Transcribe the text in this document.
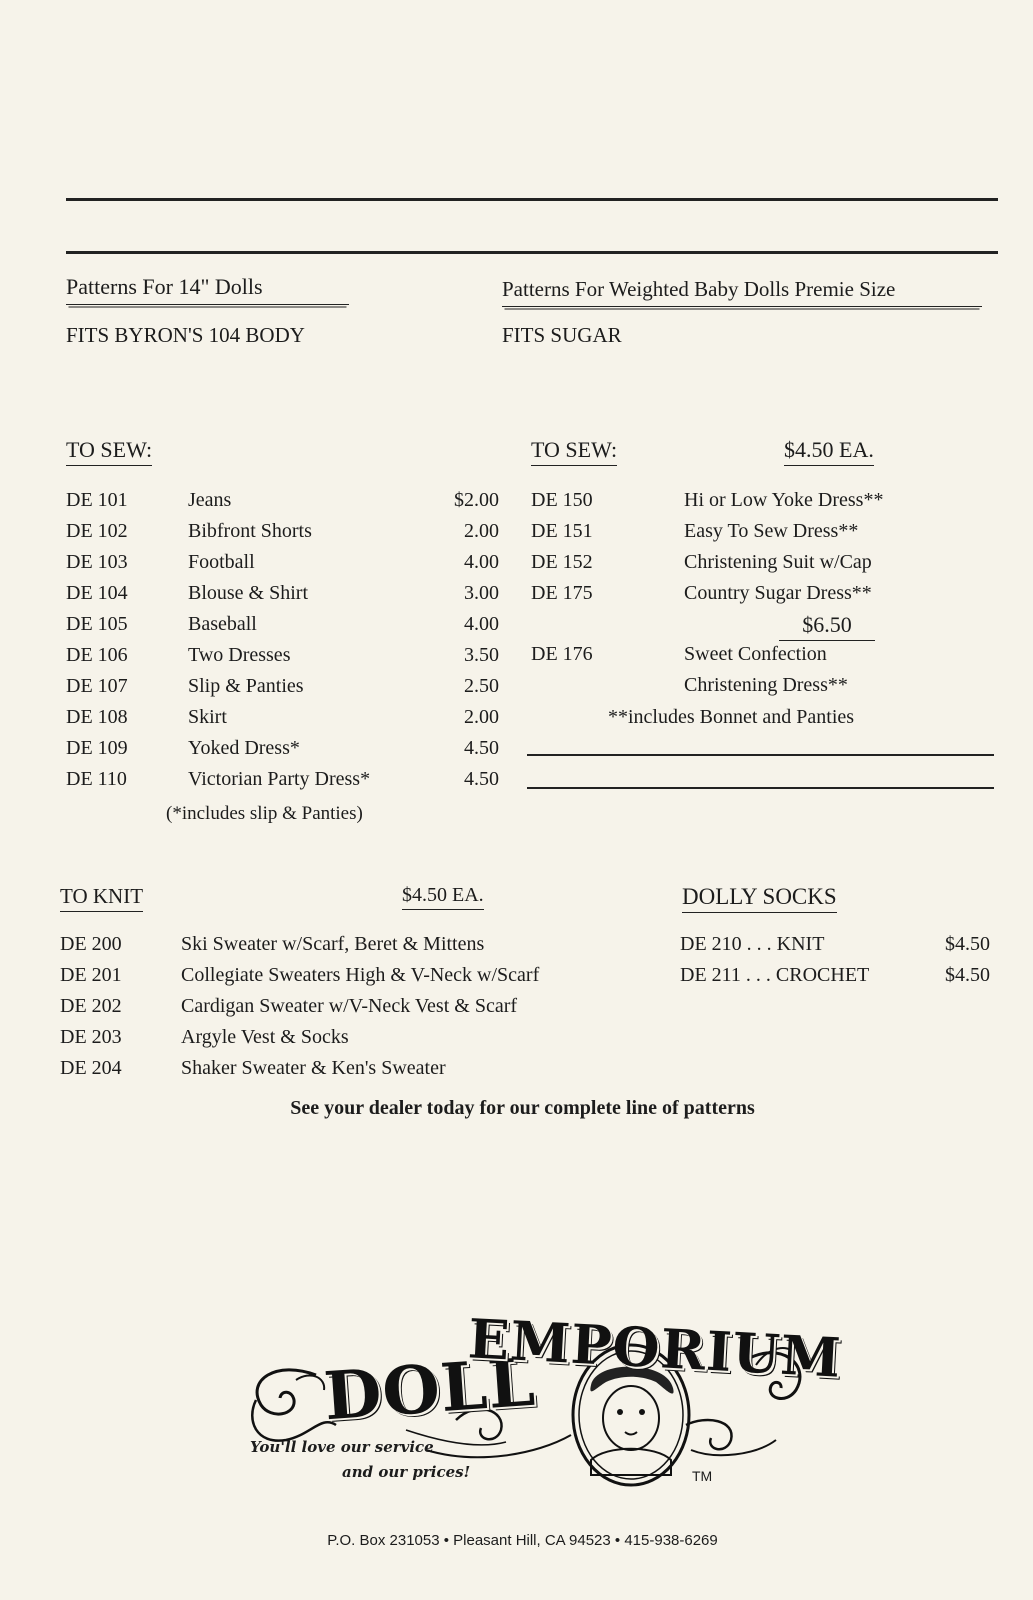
Patterns For 14" Dolls
FITS BYRON'S 104 BODY
TO SEW:
DE 101	Jeans	$2.00
DE 102	Bibfront Shorts	2.00
DE 103	Football	4.00
DE 104	Blouse & Shirt	3.00
DE 105	Baseball	4.00
DE 106	Two Dresses	3.50
DE 107	Slip & Panties	2.50
DE 108	Skirt	2.00
DE 109	Yoked Dress*	4.50
DE 110	Victorian Party Dress*	4.50
(*includes slip & Panties)
Patterns For Weighted Baby Dolls Premie Size
FITS SUGAR
TO SEW:	$4.50 EA.
DE 150	Hi or Low Yoke Dress**
DE 151	Easy To Sew Dress**
DE 152	Christening Suit w/Cap
DE 175	Country Sugar Dress**
$6.50
DE 176	Sweet Confection
Christening Dress**
**includes Bonnet and Panties
TO KNIT	$4.50 EA.
DE 200	Ski Sweater w/Scarf, Beret & Mittens
DE 201	Collegiate Sweaters High & V-Neck w/Scarf
DE 202	Cardigan Sweater w/V-Neck Vest & Scarf
DE 203	Argyle Vest & Socks
DE 204	Shaker Sweater & Ken's Sweater
DOLLY SOCKS
DE 210 . . . KNIT	$4.50
DE 211 . . . CROCHET	$4.50
See your dealer today for our complete line of patterns
DOLL
EMPORIUM
You'll love our service
and our prices!	TM
P.O. Box 231053 • Pleasant Hill, CA 94523 • 415-938-6269
